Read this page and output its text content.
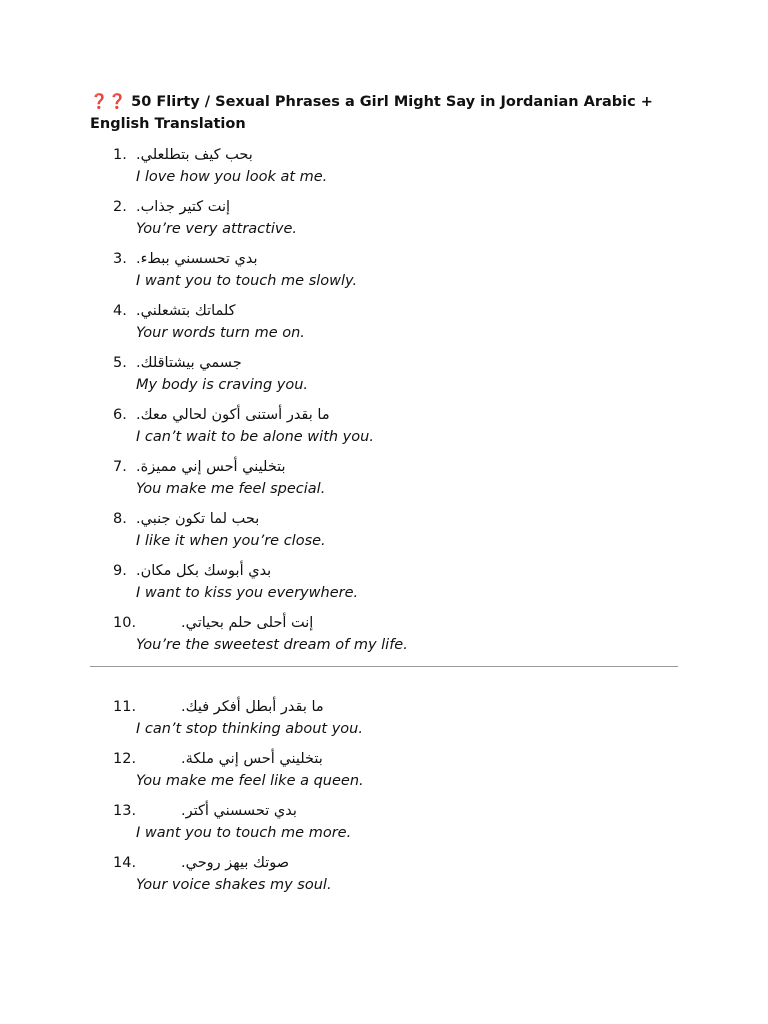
❓❓ 50 Flirty / Sexual Phrases a Girl Might Say in Jordanian Arabic + English Translation
1. بحب كيف بتطلعلي.
I love how you look at me.
2. إنت كتير جذاب.
You’re very attractive.
3. بدي تحسسني ببطء.
I want you to touch me slowly.
4. كلماتك بتشعلني.
Your words turn me on.
5. جسمي بيشتاقلك.
My body is craving you.
6. ما بقدر أستنى أكون لحالي معك.
I can’t wait to be alone with you.
7. بتخليني أحس إني مميزة.
You make me feel special.
8. بحب لما تكون جنبي.
I like it when you’re close.
9. بدي أبوسك بكل مكان.
I want to kiss you everywhere.
10.	إنت أحلى حلم بحياتي.
You’re the sweetest dream of my life.
11.	ما بقدر أبطل أفكر فيك.
I can’t stop thinking about you.
12.	بتخليني أحس إني ملكة.
You make me feel like a queen.
13.	بدي تحسسني أكتر.
I want you to touch me more.
14.	صوتك بيهز روحي.
Your voice shakes my soul.
